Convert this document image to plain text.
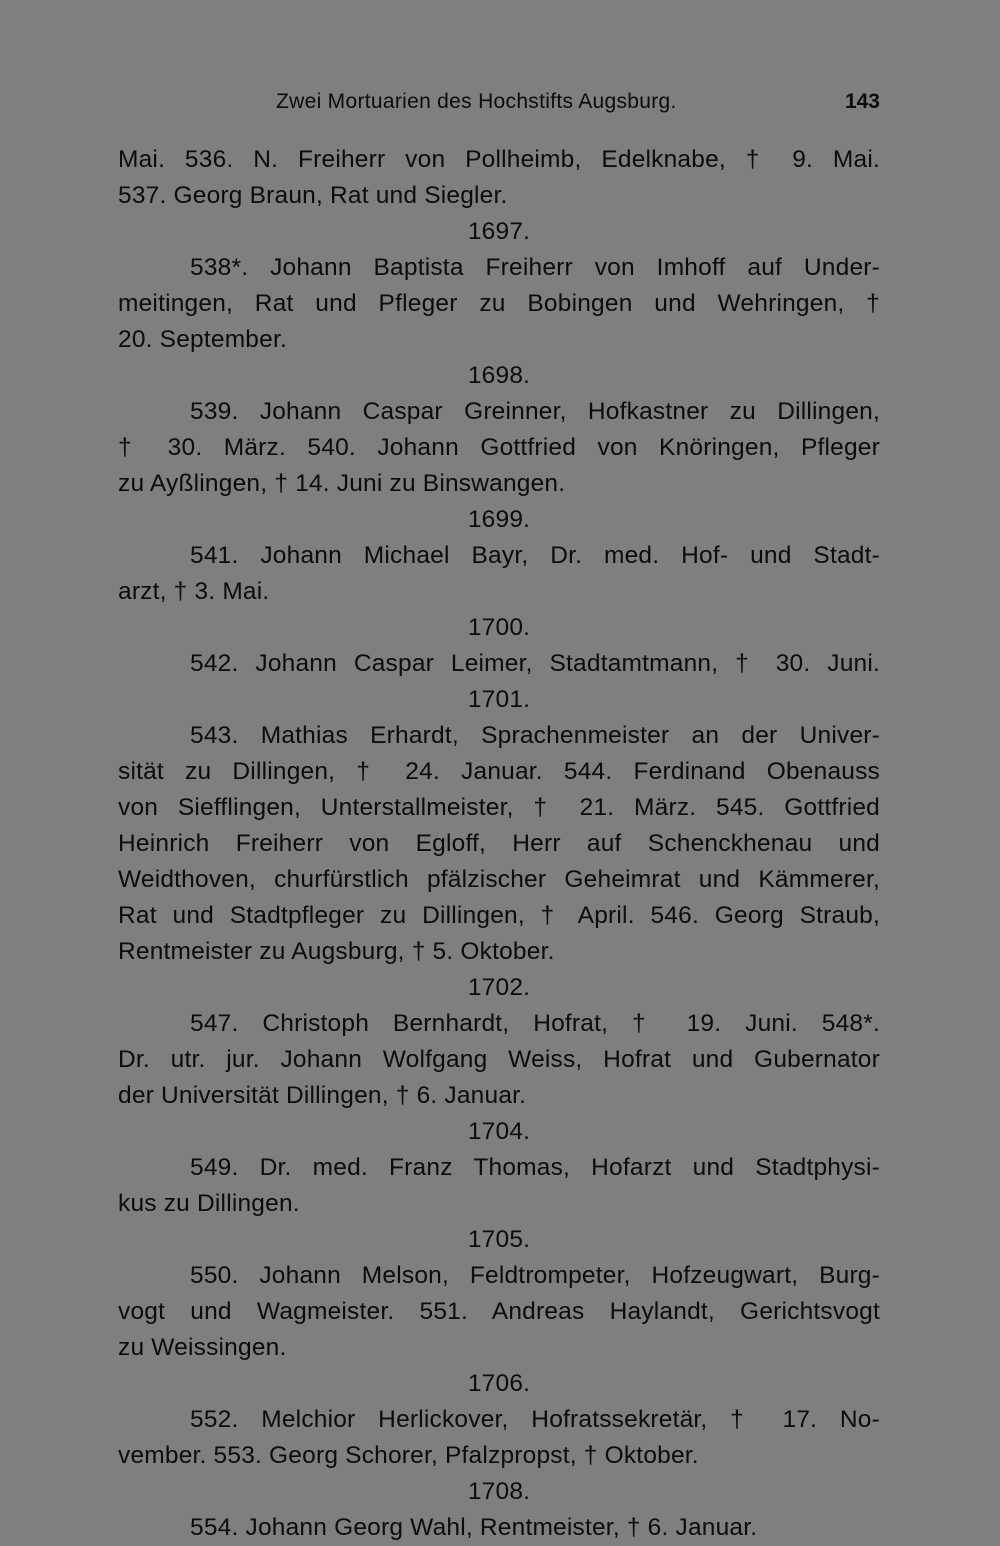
Zwei Mortuarien des Hochstifts Augsburg.	143
Mai. 536. N. Freiherr von Pollheimb, Edelknabe, † 9. Mai.
537. Georg Braun, Rat und Siegler.
1697.
538*. Johann Baptista Freiherr von Imhoff auf Under-
meitingen, Rat und Pfleger zu Bobingen und Wehringen, †
20. September.
1698.
539. Johann Caspar Greinner, Hofkastner zu Dillingen,
† 30. März. 540. Johann Gottfried von Knöringen, Pfleger
zu Ayßlingen, † 14. Juni zu Binswangen.
1699.
541. Johann Michael Bayr, Dr. med. Hof- und Stadt-
arzt, † 3. Mai.
1700.
542. Johann Caspar Leimer, Stadtamtmann, † 30. Juni.
1701.
543. Mathias Erhardt, Sprachenmeister an der Univer-
sität zu Dillingen, † 24. Januar. 544. Ferdinand Obenauss
von Siefflingen, Unterstallmeister, † 21. März. 545. Gottfried
Heinrich Freiherr von Egloff, Herr auf Schenckhenau und
Weidthoven, churfürstlich pfälzischer Geheimrat und Kämmerer,
Rat und Stadtpfleger zu Dillingen, † April. 546. Georg Straub,
Rentmeister zu Augsburg, † 5. Oktober.
1702.
547. Christoph Bernhardt, Hofrat, † 19. Juni. 548*.
Dr. utr. jur. Johann Wolfgang Weiss, Hofrat und Gubernator
der Universität Dillingen, † 6. Januar.
1704.
549. Dr. med. Franz Thomas, Hofarzt und Stadtphysi-
kus zu Dillingen.
1705.
550. Johann Melson, Feldtrompeter, Hofzeugwart, Burg-
vogt und Wagmeister. 551. Andreas Haylandt, Gerichtsvogt
zu Weissingen.
1706.
552. Melchior Herlickover, Hofratssekretär, † 17. No-
vember. 553. Georg Schorer, Pfalzpropst, † Oktober.
1708.
554. Johann Georg Wahl, Rentmeister, † 6. Januar.
